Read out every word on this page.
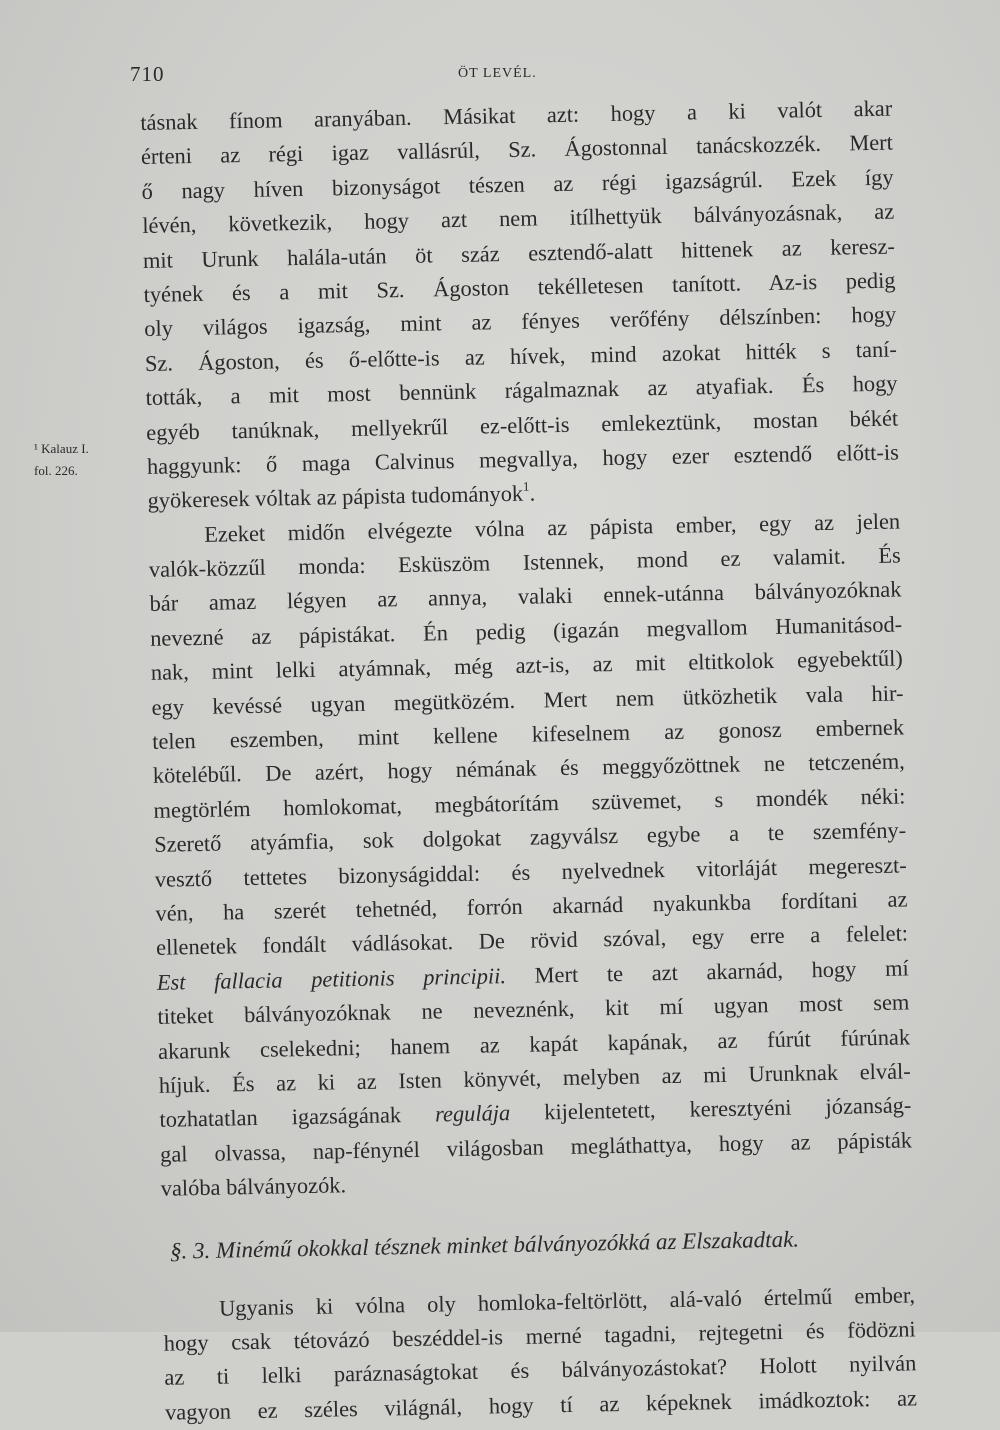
710	ÖT LEVÉL.
¹ Kalauz I.
fol. 226.
tásnak fínom aranyában. Másikat azt: hogy a ki valót akar
érteni az régi igaz vallásrúl, Sz. Ágostonnal tanácskozzék. Mert
ő nagy híven bizonyságot tészen az régi igazságrúl. Ezek így
lévén, következik, hogy azt nem itílhettyük bálványozásnak, az
mit Urunk halála-után öt száz esztendő-alatt hittenek az keresz-
tyének és a mit Sz. Ágoston tekélletesen tanított. Az-is pedig
oly világos igazság, mint az fényes verőfény délszínben: hogy
Sz. Ágoston, és ő-előtte-is az hívek, mind azokat hitték s taní-
tották, a mit most bennünk rágalmaznak az atyafiak. És hogy
egyéb tanúknak, mellyekrűl ez-előtt-is emlekeztünk, mostan békét
haggyunk: ő maga Calvinus megvallya, hogy ezer esztendő előtt-is
gyökeresek vóltak az pápista tudományok$^1$.
Ezeket midőn elvégezte vólna az pápista ember, egy az jelen
valók-közzűl monda: Esküszöm Istennek, mond ez valamit. És
bár amaz légyen az annya, valaki ennek-utánna bálványozóknak
nevezné az pápistákat. Én pedig (igazán megvallom Humanitásod-
nak, mint lelki atyámnak, még azt-is, az mit eltitkolok egyebektűl)
egy kevéssé ugyan megütközém. Mert nem ütközhetik vala hir-
telen eszemben, mint kellene kifeselnem az gonosz embernek
kötelébűl. De azért, hogy némának és meggyőzöttnek ne tetczeném,
megtörlém homlokomat, megbátorítám szüvemet, s mondék néki:
Szerető atyámfia, sok dolgokat zagyválsz egybe a te szemfény-
vesztő tettetes bizonyságiddal: és nyelvednek vitorláját megereszt-
vén, ha szerét tehetnéd, forrón akarnád nyakunkba fordítani az
ellenetek fondált vádlásokat. De rövid szóval, egy erre a felelet:
Est fallacia petitionis principii. Mert te azt akarnád, hogy mí
titeket bálványozóknak ne neveznénk, kit mí ugyan most sem
akarunk cselekedni; hanem az kapát kapának, az fúrút fúrúnak
híjuk. És az ki az Isten könyvét, melyben az mi Urunknak elvál-
tozhatatlan igazságának regulája kijelentetett, keresztyéni józanság-
gal olvassa, nap-fénynél világosban megláthattya, hogy az pápisták
valóba bálványozók.
§. 3. Minémű okokkal tésznek minket bálványozókká az Elszakadtak.
Ugyanis ki vólna oly homloka-feltörlött, alá-való értelmű ember,
hogy csak tétovázó beszéddel-is merné tagadni, rejtegetni és födözni
az ti lelki paráznaságtokat és bálványozástokat? Holott nyilván
vagyon ez széles világnál, hogy tí az képeknek imádkoztok: az
